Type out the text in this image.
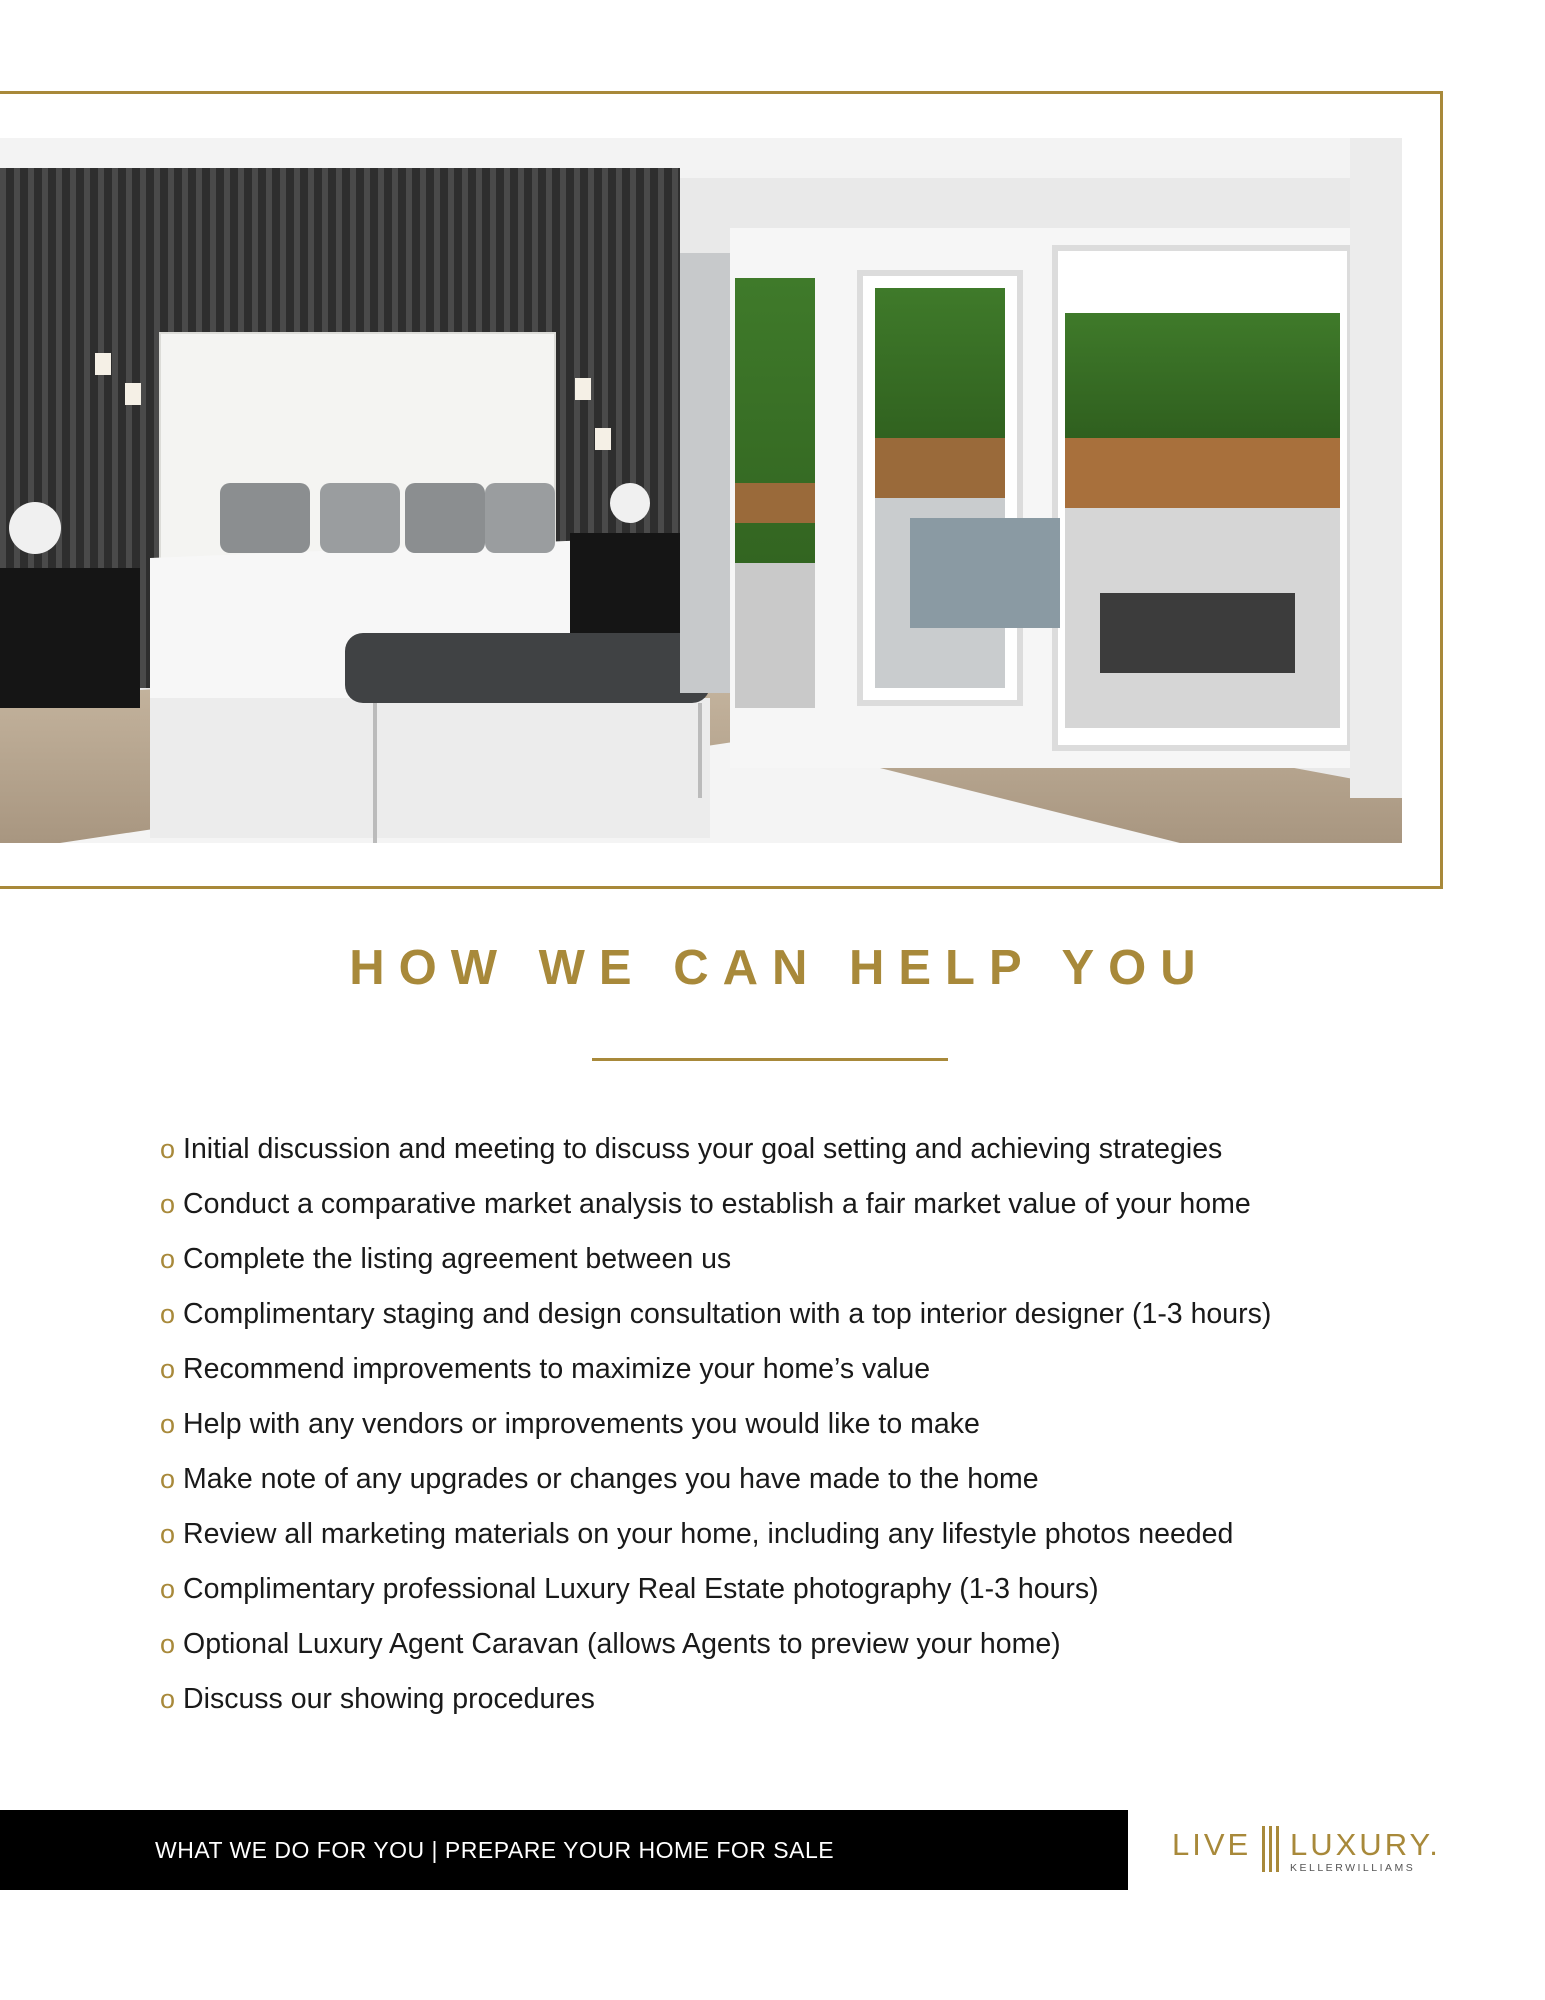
HOW WE CAN HELP YOU
o Initial discussion and meeting to discuss your goal setting and achieving strategies
o Conduct a comparative market analysis to establish a fair market value of your home
o Complete the listing agreement between us
o Complimentary staging and design consultation with a top interior designer (1-3 hours)
o Recommend improvements to maximize your home’s value
o Help with any vendors or improvements you would like to make
o Make note of any upgrades or changes you have made to the home
o Review all marketing materials on your home, including any lifestyle photos needed
o Complimentary professional Luxury Real Estate photography (1-3 hours)
o Optional Luxury Agent Caravan (allows Agents to preview your home)
o Discuss our showing procedures
WHAT WE DO FOR YOU | PREPARE YOUR HOME FOR SALE	LIVE LUXURY.
KELLERWILLIAMS
